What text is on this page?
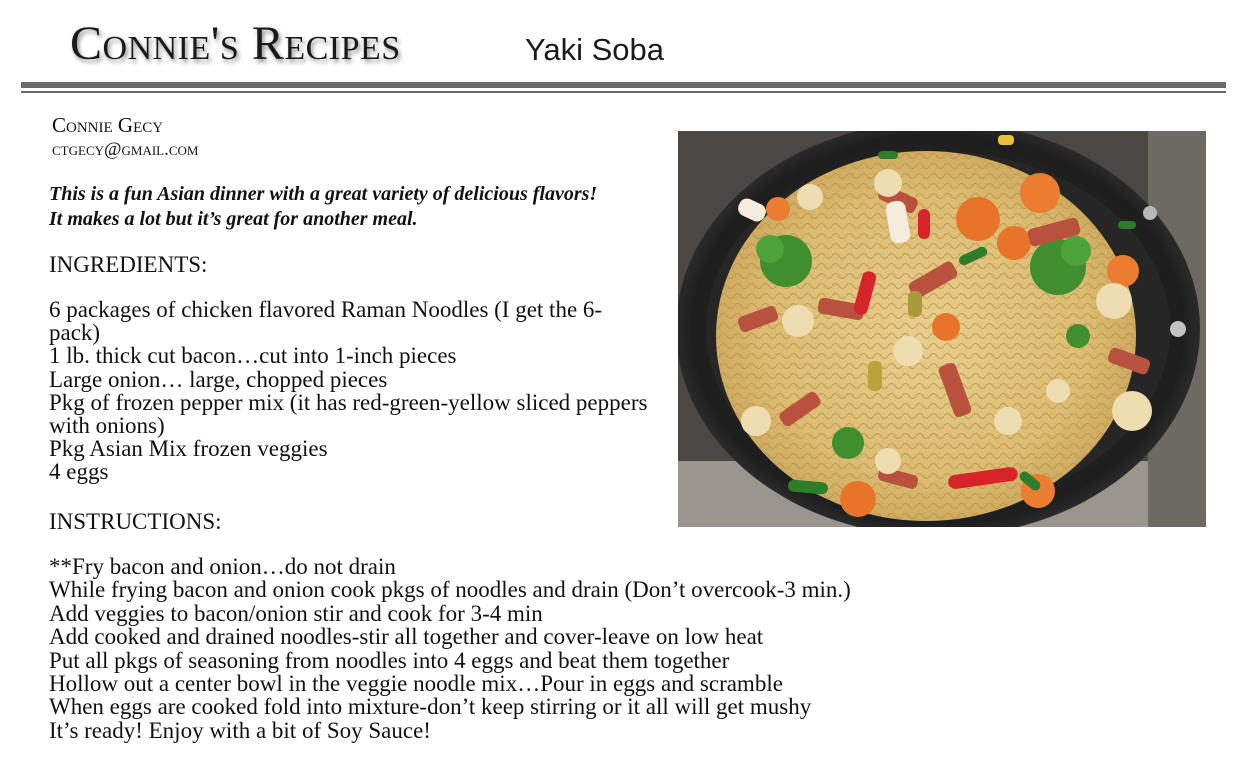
Connie's Recipes	Yaki Soba
Connie Gecy
ctgecy@gmail.com
This is a fun Asian dinner with a great variety of delicious flavors!
It makes a lot but it’s great for another meal.
INGREDIENTS:
6 packages of chicken flavored Raman Noodles (I get the 6-pack)
1 lb. thick cut bacon…cut into 1-inch pieces
Large onion… large, chopped pieces
Pkg of frozen pepper mix (it has red-green-yellow sliced peppers with onions)
Pkg Asian Mix frozen veggies
4 eggs
INSTRUCTIONS:
**Fry bacon and onion…do not drain
While frying bacon and onion cook pkgs of noodles and drain (Don’t overcook-3 min.)
Add veggies to bacon/onion stir and cook for 3-4 min
Add cooked and drained noodles-stir all together and cover-leave on low heat
Put all pkgs of seasoning from noodles into 4 eggs and beat them together
Hollow out a center bowl in the veggie noodle mix…Pour in eggs and scramble
When eggs are cooked fold into mixture-don’t keep stirring or it all will get mushy
It’s ready! Enjoy with a bit of Soy Sauce!
